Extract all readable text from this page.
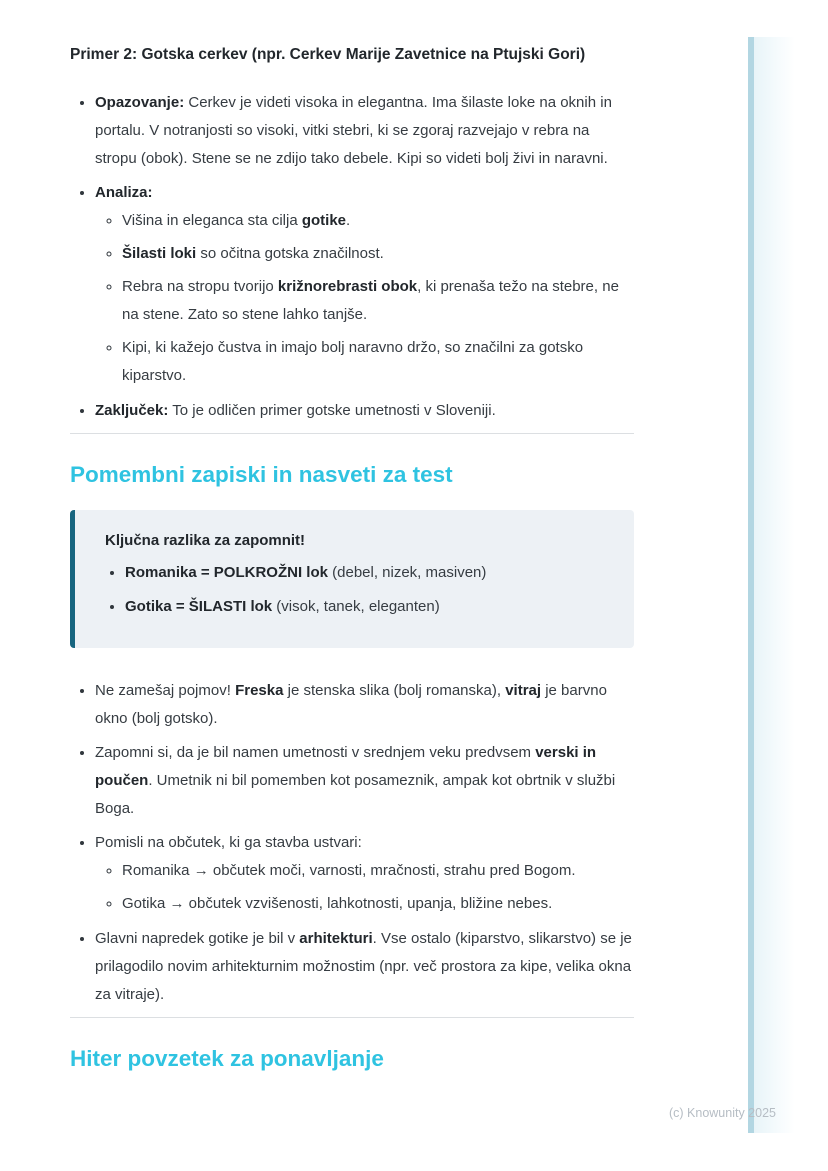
Primer 2: Gotska cerkev (npr. Cerkev Marije Zavetnice na Ptujski Gori)
• Opazovanje: Cerkev je videti visoka in elegantna. Ima šilaste loke na oknih in portalu. V notranjosti so visoki, vitki stebri, ki se zgoraj razvejajo v rebra na stropu (obok). Stene se ne zdijo tako debele. Kipi so videti bolj živi in naravni.
• Analiza:
◦ Višina in eleganca sta cilja gotike.
◦ Šilasti loki so očitna gotska značilnost.
◦ Rebra na stropu tvorijo križnorebrasti obok, ki prenaša težo na stebre, ne na stene. Zato so stene lahko tanjše.
◦ Kipi, ki kažejo čustva in imajo bolj naravno držo, so značilni za gotsko kiparstvo.
• Zaključek: To je odličen primer gotske umetnosti v Sloveniji.
Pomembni zapiski in nasveti za test

Ključna razlika za zapomnit!

• Romanika = POLKROŽNI lok (debel, nizek, masiven)
• Gotika = ŠILASTI lok (visok, tanek, eleganten)
• Ne zamešaj pojmov! Freska je stenska slika (bolj romanska), vitraj je barvno okno (bolj gotsko).
• Zapomni si, da je bil namen umetnosti v srednjem veku predvsem verski in poučen. Umetnik ni bil pomemben kot posameznik, ampak kot obrtnik v službi Boga.
• Pomisli na občutek, ki ga stavba ustvari:
◦ Romanika → občutek moči, varnosti, mračnosti, strahu pred Bogom.
◦ Gotika → občutek vzvišenosti, lahkotnosti, upanja, bližine nebes.
• Glavni napredek gotike je bil v arhitekturi. Vse ostalo (kiparstvo, slikarstvo) se je prilagodilo novim arhitekturnim možnostim (npr. več prostora za kipe, velika okna za vitraje).
Hiter povzetek za ponavljanje
(c) Knowunity 2025
